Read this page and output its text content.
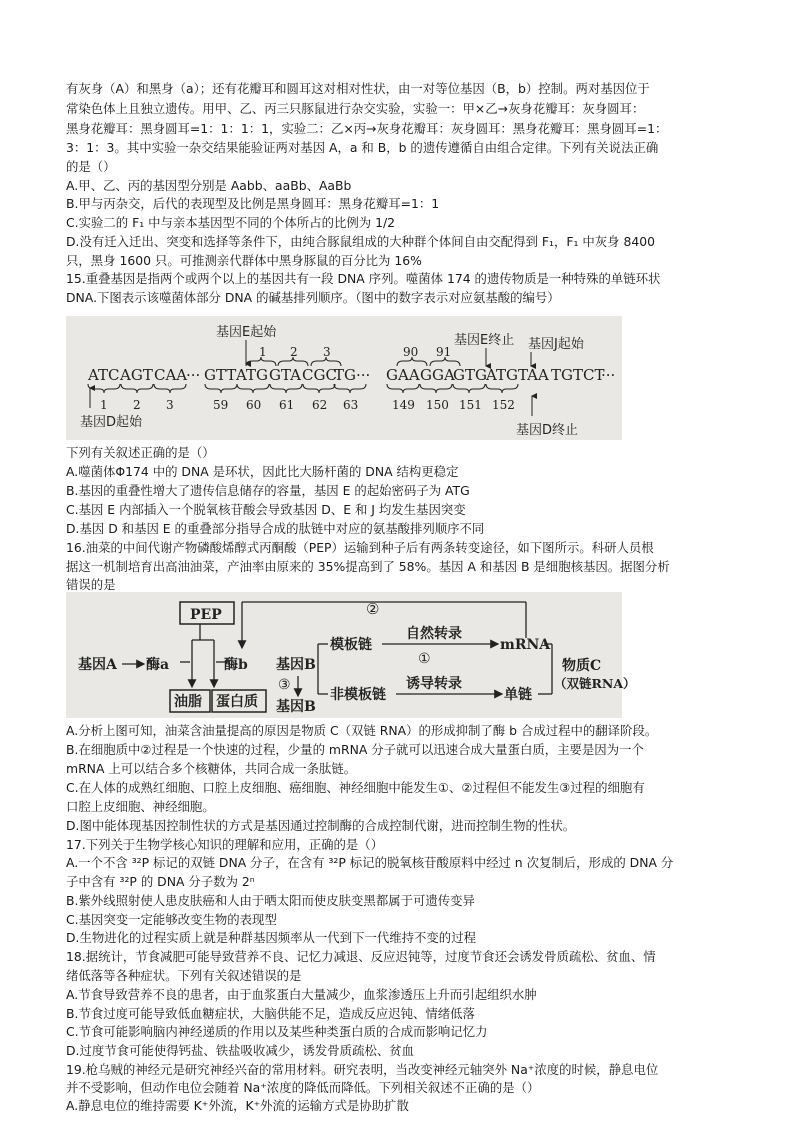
有灰身（A）和黑身（a）；还有花瓣耳和圆耳这对相对性状，由一对等位基因（B，b）控制。两对基因位于
常染色体上且独立遗传。用甲、乙、丙三只豚鼠进行杂交实验，实验一：甲×乙→灰身花瓣耳：灰身圆耳：
黑身花瓣耳：黑身圆耳=1：1：1：1，实验二：乙×丙→灰身花瓣耳：灰身圆耳：黑身花瓣耳：黑身圆耳=1：
3：1：3。其中实验一杂交结果能验证两对基因 A，a 和 B，b 的遗传遵循自由组合定律。下列有关说法正确
的是（）
A.甲、乙、丙的基因型分别是 Aabb、aaBb、AaBb
B.甲与丙杂交，后代的表现型及比例是黑身圆耳：黑身花瓣耳=1：1
C.实验二的 F₁ 中与亲本基因型不同的个体所占的比例为 1/2
D.没有迁入迁出、突变和选择等条件下，由纯合豚鼠组成的大种群个体间自由交配得到 F₁，F₁ 中灰身 8400
只，黑身 1600 只。可推测亲代群体中黑身豚鼠的百分比为 16%
15.重叠基因是指两个或两个以上的基因共有一段 DNA 序列。噬菌体 174 的遗传物质是一种特殊的单链环状
DNA.下图表示该噬菌体部分 DNA 的碱基排列顺序。（图中的数字表示对应氨基酸的编号）
ATC AGT CAA
··· GTT ATG GTA CGC
TG ··· GAA GGA
GTG ATG TAA TGT CT
···
1 2 3	59 60 61 62 63	149 150 151 152
1 2 3	90 91
基因E起始
基因E终止 基因J起始
基因D起始
基因D终止
下列有关叙述正确的是（）
A.噬菌体Φ174 中的 DNA 是环状，因此比大肠杆菌的 DNA 结构更稳定
B.基因的重叠性增大了遗传信息储存的容量，基因 E 的起始密码子为 ATG
C.基因 E 内部插入一个脱氧核苷酸会导致基因 D、E 和 J 均发生基因突变
D.基因 D 和基因 E 的重叠部分指导合成的肽链中对应的氨基酸排列顺序不同
16.油菜的中间代谢产物磷酸烯醇式丙酮酸（PEP）运输到种子后有两条转变途径，如下图所示。科研人员根
据这一机制培育出高油油菜，产油率由原来的 35%提高到了 58%。基因 A 和基因 B 是细胞核基因。据图分析
错误的是
PEP
基因A 酶a
油脂 蛋白质
酶b
②
基因B
③
基因B
模板链
自然转录
①
mRNA
非模板链
诱导转录
单链
物质C
（双链RNA）
A.分析上图可知，油菜含油量提高的原因是物质 C（双链 RNA）的形成抑制了酶 b 合成过程中的翻译阶段。
B.在细胞质中②过程是一个快速的过程，少量的 mRNA 分子就可以迅速合成大量蛋白质，主要是因为一个
mRNA 上可以结合多个核糖体，共同合成一条肽链。
C.在人体的成熟红细胞、口腔上皮细胞、癌细胞、神经细胞中能发生①、②过程但不能发生③过程的细胞有
口腔上皮细胞、神经细胞。
D.图中能体现基因控制性状的方式是基因通过控制酶的合成控制代谢，进而控制生物的性状。
17.下列关于生物学核心知识的理解和应用，正确的是（）
A.一个不含 ³²P 标记的双链 DNA 分子，在含有 ³²P 标记的脱氧核苷酸原料中经过 n 次复制后，形成的 DNA 分
子中含有 ³²P 的 DNA 分子数为 2ⁿ
B.紫外线照射使人患皮肤癌和人由于晒太阳而使皮肤变黑都属于可遗传变异
C.基因突变一定能够改变生物的表现型
D.生物进化的过程实质上就是种群基因频率从一代到下一代维持不变的过程
18.据统计，节食减肥可能导致营养不良、记忆力减退、反应迟钝等，过度节食还会诱发骨质疏松、贫血、情
绪低落等各种症状。下列有关叙述错误的是
A.节食导致营养不良的患者，由于血浆蛋白大量减少，血浆渗透压上升而引起组织水肿
B.节食过度可能导致低血糖症状，大脑供能不足，造成反应迟钝、情绪低落
C.节食可能影响脑内神经递质的作用以及某些种类蛋白质的合成而影响记忆力
D.过度节食可能使得钙盐、铁盐吸收减少，诱发骨质疏松、贫血
19.枪乌贼的神经元是研究神经兴奋的常用材料。研究表明，当改变神经元轴突外 Na⁺浓度的时候，静息电位
并不受影响，但动作电位会随着 Na⁺浓度的降低而降低。下列相关叙述不正确的是（）
A.静息电位的维持需要 K⁺外流，K⁺外流的运输方式是协助扩散
